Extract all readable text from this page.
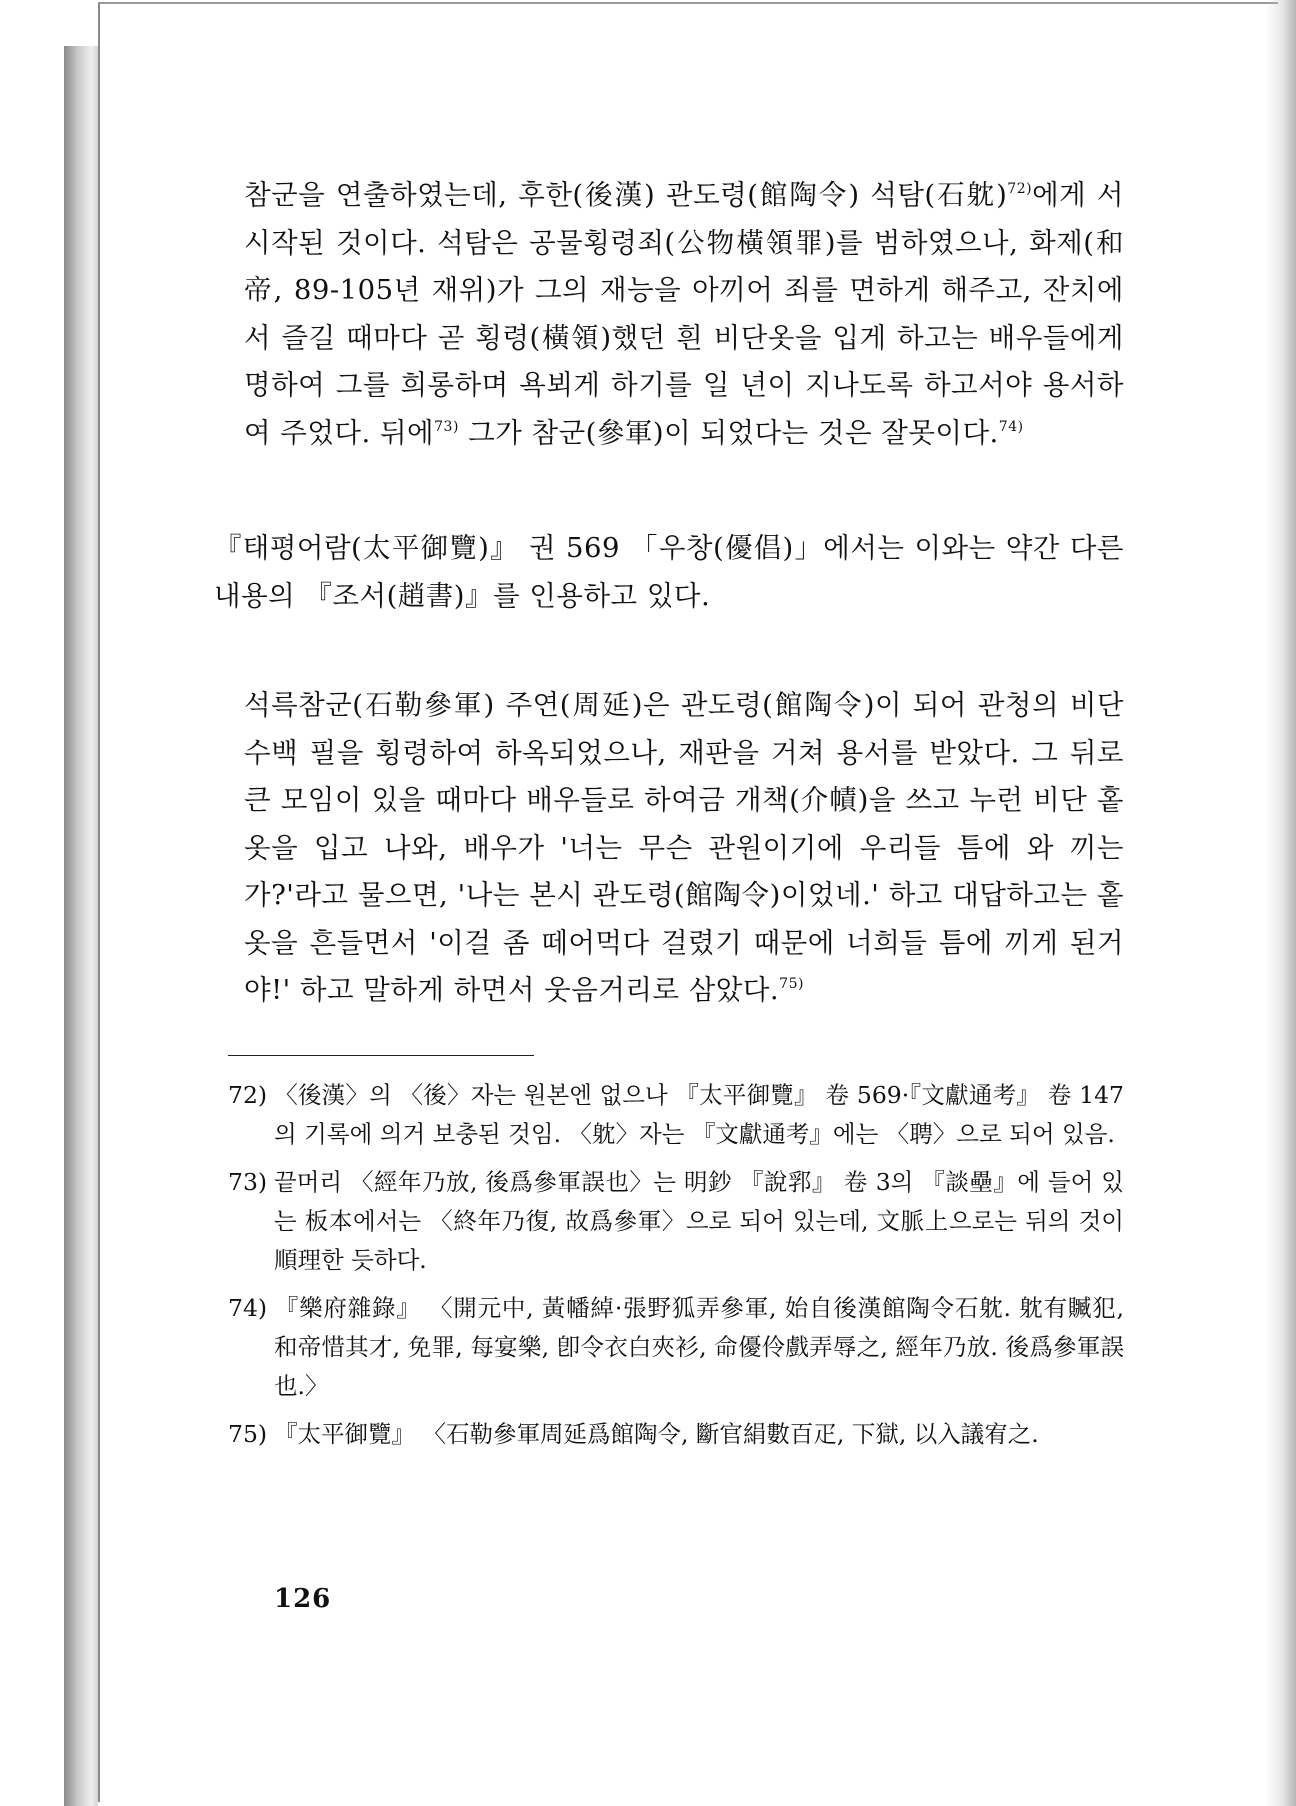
참군을 연출하였는데, 후한(後漢) 관도령(館陶令) 석탐(石躭)$^{72)}$에게 서 시작된 것이다. 석탐은 공물횡령죄(公物橫領罪)를 범하였으나, 화제(和帝, 89-105년 재위)가 그의 재능을 아끼어 죄를 면하게 해주고, 잔치에서 즐길 때마다 곧 횡령(橫領)했던 흰 비단옷을 입게 하고는 배우들에게 명하여 그를 희롱하며 욕뵈게 하기를 일 년이 지나도록 하고서야 용서하여 주었다. 뒤에$^{73)}$ 그가 참군(參軍)이 되었다는 것은 잘못이다.$^{74)}$

『태평어람(太平御覽)』 권 569 「우창(優倡)」에서는 이와는 약간 다른 내용의 『조서(趙書)』를 인용하고 있다.

석륵참군(石勒參軍) 주연(周延)은 관도령(館陶令)이 되어 관청의 비단 수백 필을 횡령하여 하옥되었으나, 재판을 거쳐 용서를 받았다. 그 뒤로 큰 모임이 있을 때마다 배우들로 하여금 개책(介幘)을 쓰고 누런 비단 홑옷을 입고 나와, 배우가 '너는 무슨 관원이기에 우리들 틈에 와 끼는가?'라고 물으면, '나는 본시 관도령(館陶令)이었네.' 하고 대답하고는 홑옷을 흔들면서 '이걸 좀 떼어먹다 걸렸기 때문에 너희들 틈에 끼게 된거야!' 하고 말하게 하면서 웃음거리로 삼았다.$^{75)}$

72) 〈後漢〉의 〈後〉자는 원본엔 없으나 『太平御覽』 卷 569·『文獻通考』 卷 147의 기록에 의거 보충된 것임. 〈躭〉자는 『文獻通考』에는 〈聘〉으로 되어 있음.

73) 끝머리 〈經年乃放, 後爲參軍誤也〉는 明鈔 『說郛』 卷 3의 『談壘』에 들어 있는 板本에서는 〈終年乃復, 故爲參軍〉으로 되어 있는데, 文脈上으로는 뒤의 것이 順理한 듯하다.

74) 『樂府雜錄』 〈開元中, 黃幡綽·張野狐弄參軍, 始自後漢館陶令石躭. 躭有贓犯, 和帝惜其才, 免罪, 每宴樂, 卽令衣白夾衫, 命優伶戲弄辱之, 經年乃放. 後爲參軍誤也.〉

75) 『太平御覽』 〈石勒參軍周延爲館陶令, 斷官絹數百疋, 下獄, 以入議宥之.

126
